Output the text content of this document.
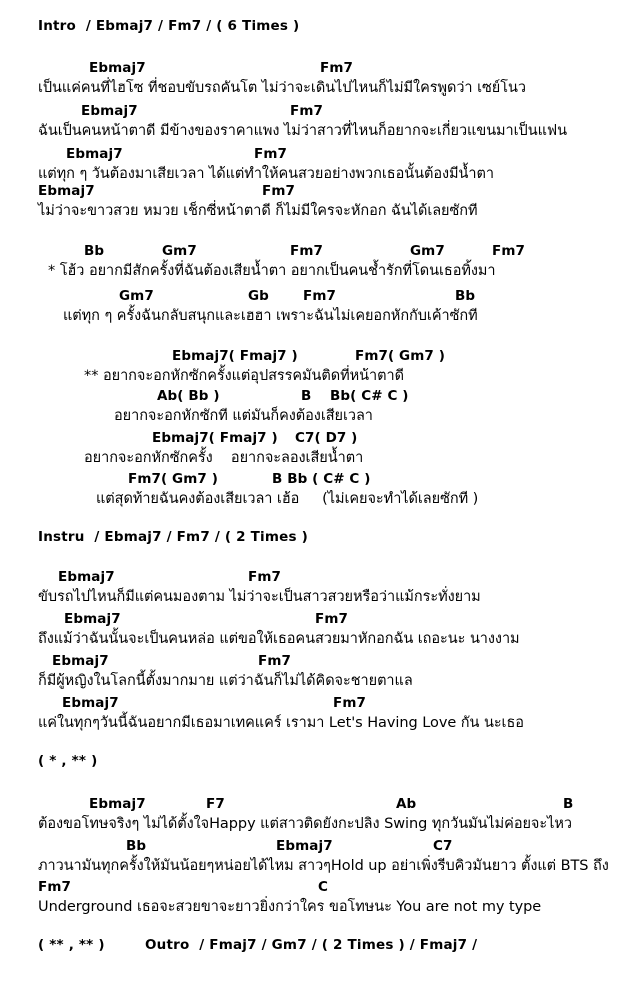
Intro  / Ebmaj7 / Fm7 / ( 6 Times )
Ebmaj7	Fm7
เป็นแค่คนที่ไฮโซ ที่ชอบขับรถคันโต ไม่ว่าจะเดินไปไหนก็ไม่มีใครพูดว่า เซย์โนว
Ebmaj7	Fm7
ฉันเป็นคนหน้าตาดี มีข้างของราคาแพง ไม่ว่าสาวที่ไหนก็อยากจะเกี่ยวแขนมาเป็นแฟน
Ebmaj7	Fm7
แต่ทุก ๆ วันต้องมาเสียเวลา ได้แต่ทำให้คนสวยอย่างพวกเธอนั้นต้องมีน้ำตา
Ebmaj7	Fm7
ไม่ว่าจะขาวสวย หมวย เช็กซี่หน้าตาดี ก็ไม่มีใครจะหักอก ฉันได้เลยซักที
Bb	Gm7	Fm7	Gm7	Fm7
* โฮ้ว อยากมีสักครั้งที่ฉันต้องเสียน้ำตา อยากเป็นคนช้ำรักที่โดนเธอทิ้งมา
Gm7	Gb	Fm7	Bb
แต่ทุก ๆ ครั้งฉันกลับสนุกและเฮฮา เพราะฉันไม่เคยอกหักกับเค้าซักที
Ebmaj7( Fmaj7 )	Fm7( Gm7 )
** อยากจะอกหักซักครั้งแต่อุปสรรคมันติดที่หน้าตาดี
Ab( Bb )	B Bb( C# C )
อยากจะอกหักซักที แต่มันก็คงต้องเสียเวลา
Ebmaj7( Fmaj7 ) C7( D7 )
อยากจะอกหักซักครั้ง    อยากจะลองเสียน้ำตา
Fm7( Gm7 )	B Bb ( C# C )
แต่สุดท้ายฉันคงต้องเสียเวลา เฮ้อ     (ไม่เคยจะทำได้เลยซักที )
Instru  / Ebmaj7 / Fm7 / ( 2 Times )
Ebmaj7	Fm7
ขับรถไปไหนก็มีแต่คนมองตาม ไม่ว่าจะเป็นสาวสวยหรือว่าแม้กระทั่งยาม
Ebmaj7	Fm7
ถึงแม้ว่าฉันนั้นจะเป็นคนหล่อ แต่ขอให้เธอคนสวยมาหักอกฉัน เถอะนะ นางงาม
Ebmaj7	Fm7
ก็มีผู้หญิงในโลกนี้ตั้งมากมาย แต่ว่าฉันก็ไม่ได้คิดจะชายตาแล
Ebmaj7	Fm7
แค่ในทุกๆวันนี้ฉันอยากมีเธอมาเทคแคร์ เรามา Let's Having Love กัน นะเธอ
( * , ** )
Ebmaj7	F7	Ab	B
ต้องขอโทษจริงๆ ไม่ได้ตั้งใจHappy แต่สาวติดยังกะปลิง Swing ทุกวันมันไม่ค่อยจะไหว
Bb	Ebmaj7	C7
ภาวนามันทุกครั้งให้มันน้อยๆหน่อยได้ไหม สาวๆHold up อย่าเพิ่งรีบคิวมันยาว ตั้งแต่ BTS ถึง
Fm7	C
Underground เธอจะสวยขาจะยาวยิ่งกว่าใคร ขอโทษนะ You are not my type
( ** , ** )	Outro  / Fmaj7 / Gm7 / ( 2 Times ) / Fmaj7 /
